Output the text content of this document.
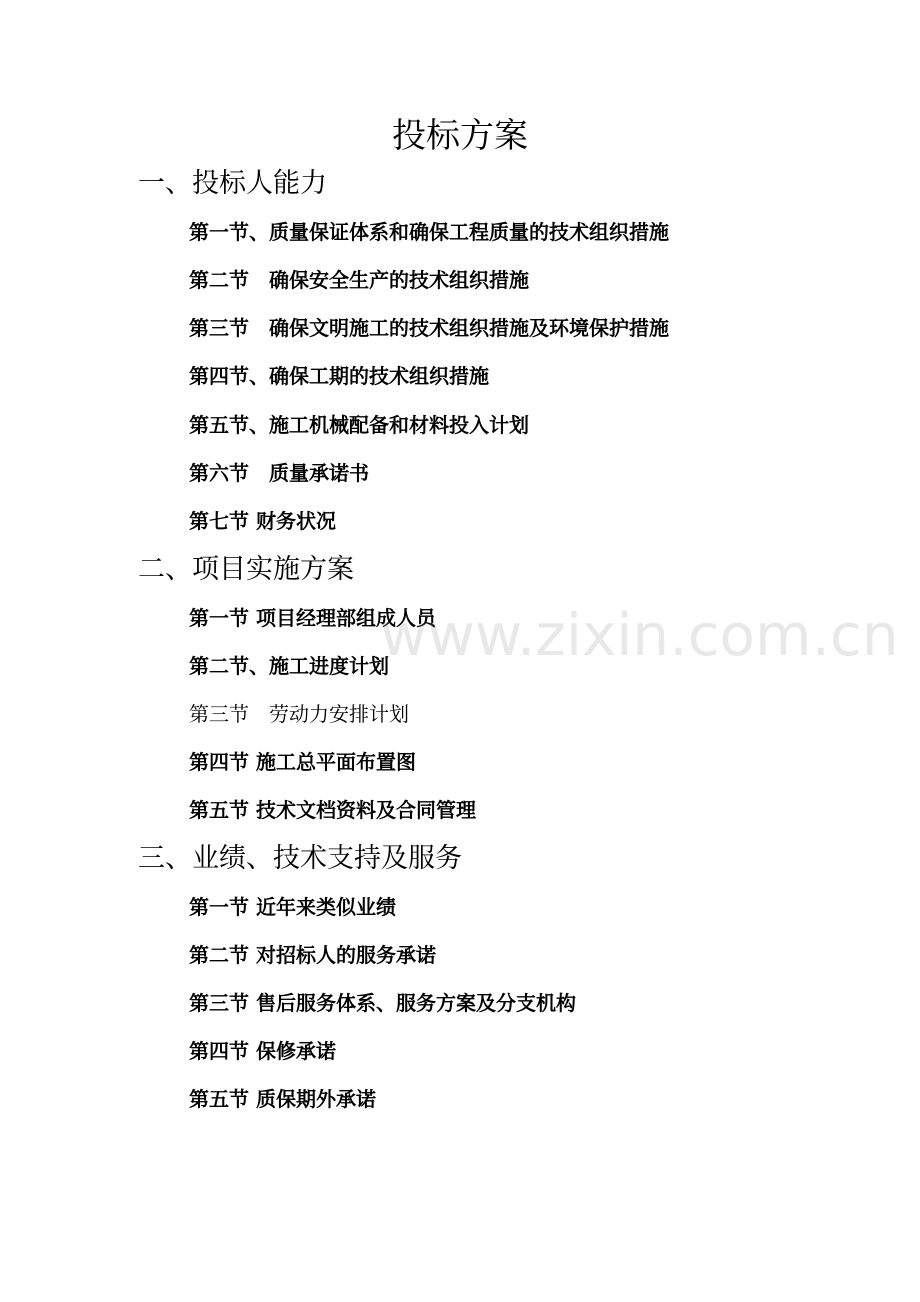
投标方案
一、投标人能力
第一节、质量保证体系和确保工程质量的技术组织措施
第二节　确保安全生产的技术组织措施
第三节　确保文明施工的技术组织措施及环境保护措施
第四节、确保工期的技术组织措施
第五节、施工机械配备和材料投入计划
第六节　质量承诺书
第七节 财务状况
二、项目实施方案
第一节 项目经理部组成人员
第二节、施工进度计划
第三节　劳动力安排计划
第四节 施工总平面布置图
第五节 技术文档资料及合同管理
三、业绩、技术支持及服务
第一节 近年来类似业绩
第二节 对招标人的服务承诺
第三节 售后服务体系、服务方案及分支机构
第四节 保修承诺
第五节 质保期外承诺
www.zixin.com.cn
